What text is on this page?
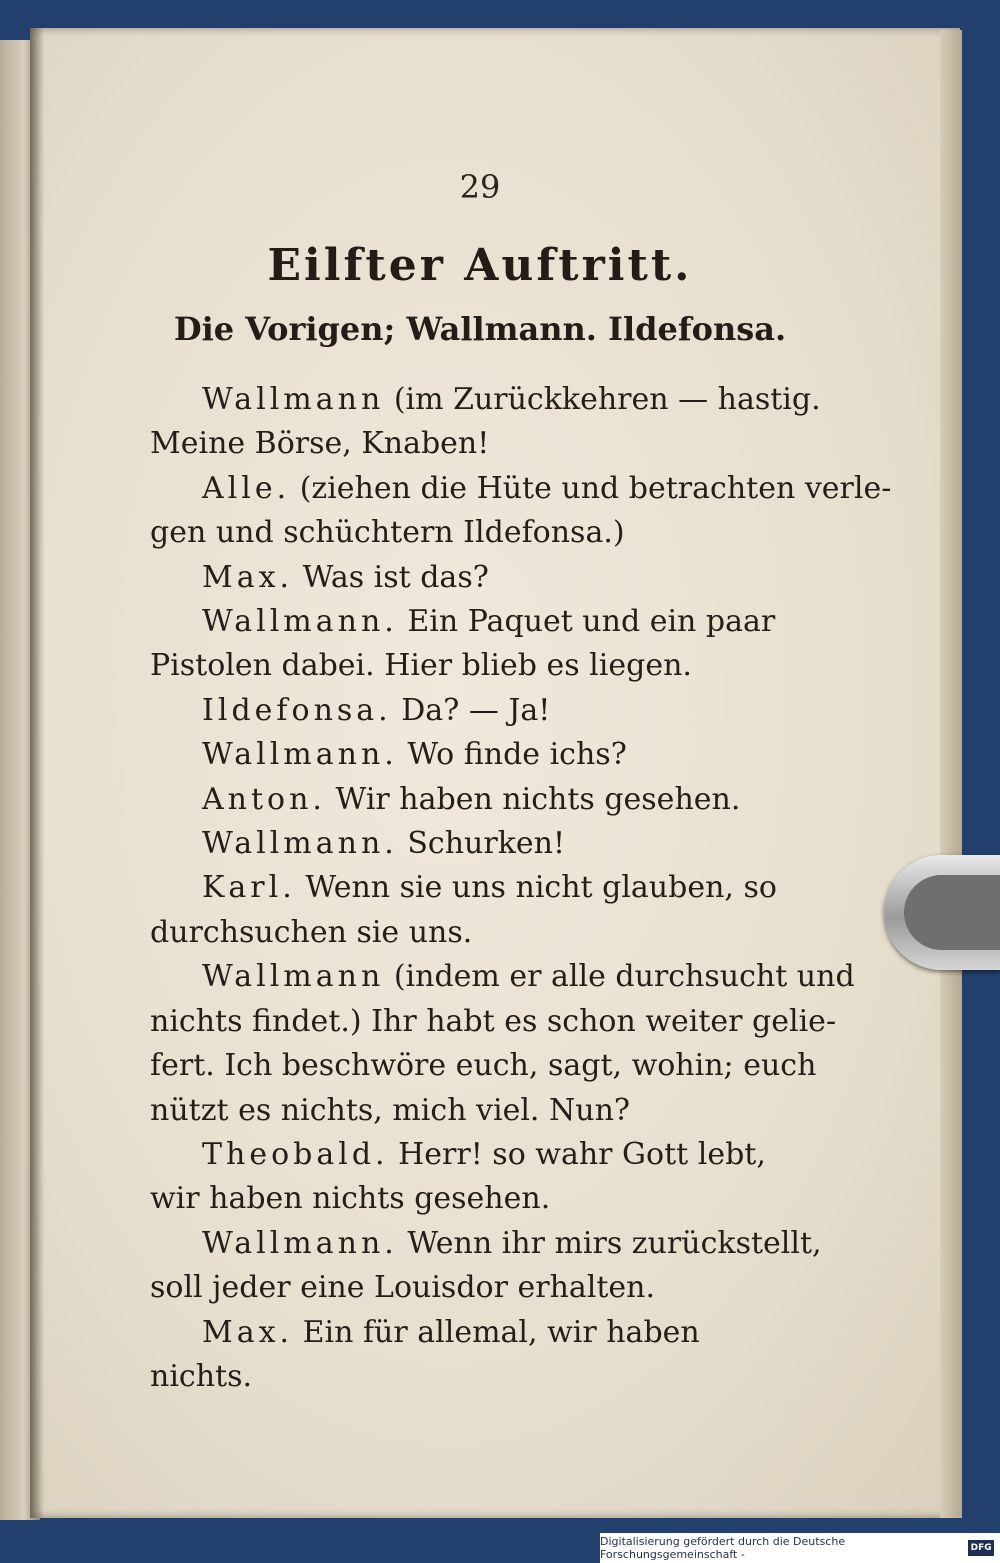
29
Eilfter Auftritt.
Die Vorigen; Wallmann. Ildefonsa.
Wallmann (im Zurückkehren — hastig.
Meine Börse, Knaben!
Alle. (ziehen die Hüte und betrachten verle-
gen und schüchtern Ildefonsa.)
Max. Was ist das?
Wallmann. Ein Paquet und ein paar
Pistolen dabei. Hier blieb es liegen.
Ildefonsa. Da? — Ja!
Wallmann. Wo finde ichs?
Anton. Wir haben nichts gesehen.
Wallmann. Schurken!
Karl. Wenn sie uns nicht glauben, so
durchsuchen sie uns.
Wallmann (indem er alle durchsucht und
nichts findet.) Ihr habt es schon weiter gelie-
fert. Ich beschwöre euch, sagt, wohin; euch
nützt es nichts, mich viel. Nun?
Theobald. Herr! so wahr Gott lebt,
wir haben nichts gesehen.
Wallmann. Wenn ihr mirs zurückstellt,
soll jeder eine Louisdor erhalten.
Max. Ein für allemal, wir haben
nichts.
Digitalisierung gefördert durch die Deutsche Forschungsgemeinschaft -	DFG
